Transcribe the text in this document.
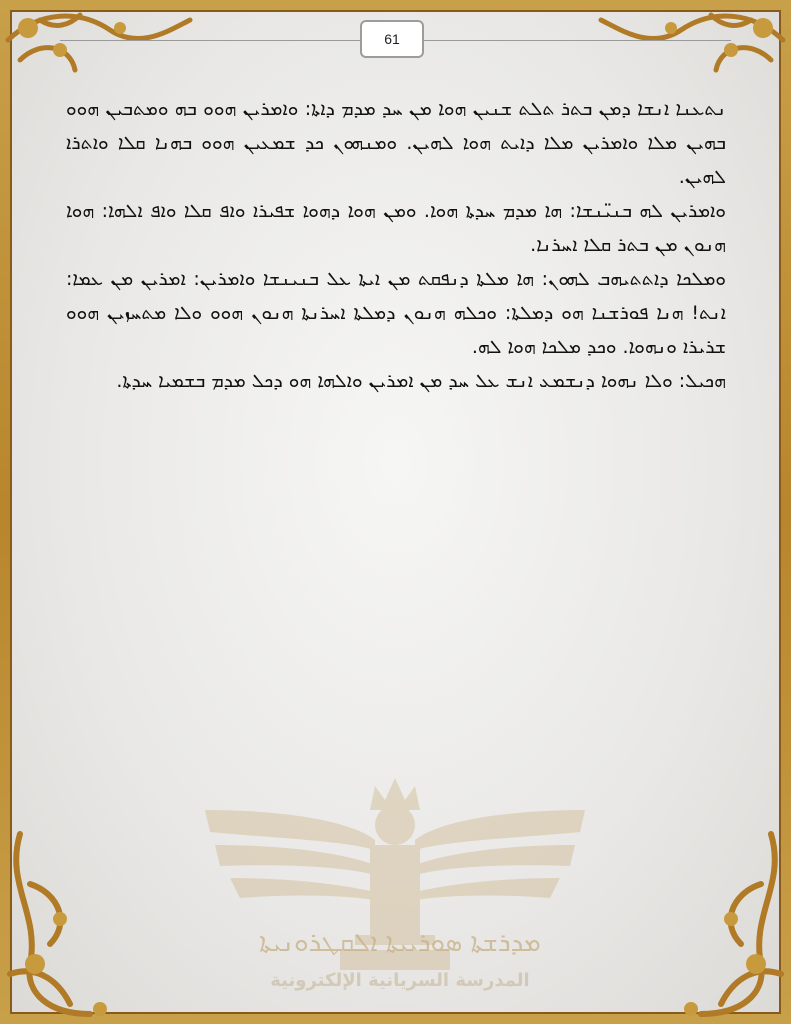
61

ܢܬܥܢܐ ܐܢܫܐ ܕܡܢ ܒܬܪ ܬܠܬ ܫܢܝܢ ܗܘܐ ܡܢ ܚܕ ܡܕܡ ܕܐܬܐ: ܘܐܡܪܝܢ ܗܘܘ ܒܗ ܘܡܬܒܝܢ ܗܘܘ ܒܗܝܢ ܡܠܐ ܘܐܡܪܝܢ ܡܠܐ ܕܐܝܬ ܗܘܐ ܠܗܝܢ. ܘܡܢܗܘܢ ܟܕ ܫܡܥܝܢ ܗܘܘ ܒܗܢܐ ܩܠܐ ܘܐܬܪܐ ܠܗܝܢ.

ܘܐܡܪܝܢ ܠܗ ܒܢܝ̈ܢܫܐ: ܗܐ ܡܕܡ ܚܕܬܐ ܗܘܐ. ܘܡܢ ܗܘܐ ܕܗܘܐ ܫܦܝܪܐ ܘܐܦ ܩܠܐ ܘܐܦ ܐܠܗܐ: ܗܘܐ ܗܢܘܢ ܡܢ ܒܬܪ ܩܠܐ ܐܚܪܢܐ.

ܘܡܠܟܐ ܕܐܬܬܝܗܒ ܠܗܘܢ: ܗܐ ܡܠܬܐ ܕܢܦܩܬ ܡܢ ܐܝܬܐ ܥܠ ܒܢܝܢܫܐ ܘܐܡܪܝܢ: ܐܡܪܝܢ ܡܢ ܥܡܐ: ܐܢܬ! ܗܢܐ ܦܘܪܫܢܐ ܗܘ ܕܡܠܬܐ: ܘܟܠܗ ܗܢܘܢ ܕܡܠܬܐ ܐܚܪܢܬܐ ܗܢܘܢ ܗܘܘ ܘܠܐ ܡܬܚܙܝܢ ܗܘܘ ܫܪܝܪܐ ܘܢܗܘܐ. ܘܟܕ ܡܠܟܐ ܗܘܐ ܠܗ.

ܗܟܝܠ: ܘܠܐ ܢܗܘܐ ܕܢܫܡܥ ܐܢܫ ܥܠ ܚܕ ܡܢ ܐܡܪܝܢ ܘܐܠܗܐ ܗܘ ܕܟܠ ܡܕܡ ܒܫܡܝܐ ܚܕܬܐ.

ܡܕܪܫܬܐ ܣܘܪܝܝܬܐ ܐܠܩܛܪܘܢܝܬܐ
المدرسة السريانية الإلكترونية
